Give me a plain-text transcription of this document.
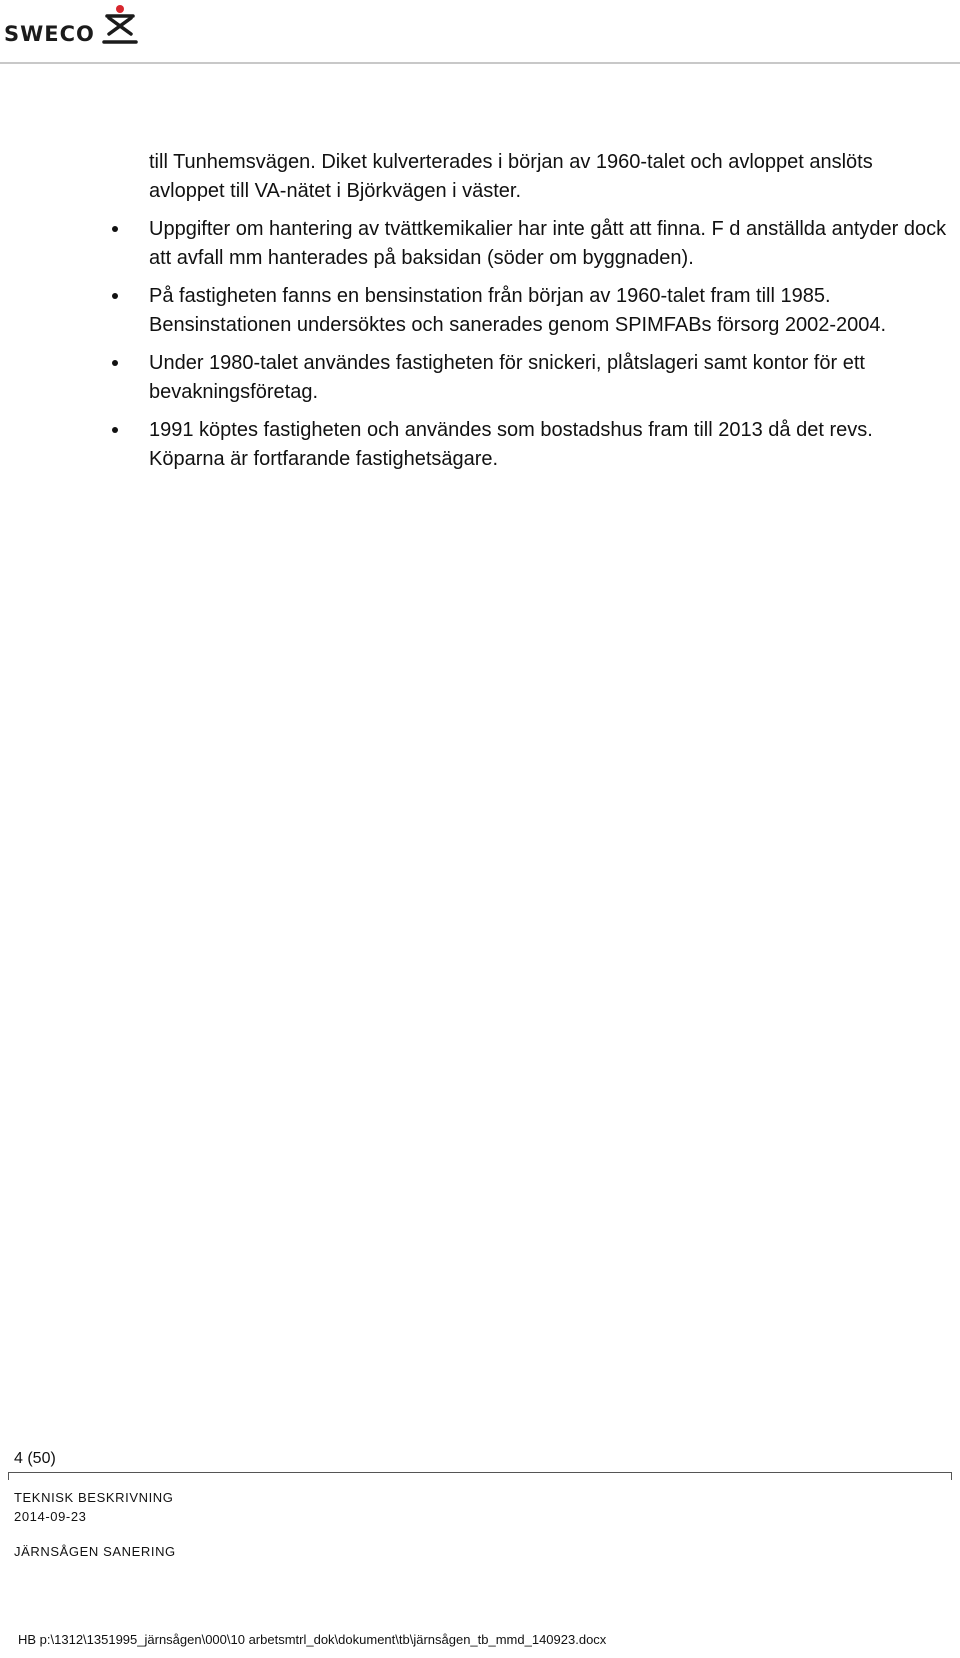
SWECO

till Tunhemsvägen. Diket kulverterades i början av 1960-talet och avloppet anslöts avloppet till VA-nätet i Björkvägen i väster.

Uppgifter om hantering av tvättkemikalier har inte gått att finna. F d anställda antyder dock att avfall mm hanterades på baksidan (söder om byggnaden).
På fastigheten fanns en bensinstation från början av 1960-talet fram till 1985. Bensinstationen undersöktes och sanerades genom SPIMFABs försorg 2002-2004.
Under 1980-talet användes fastigheten för snickeri, plåtslageri samt kontor för ett bevakningsföretag.
1991 köptes fastigheten och användes som bostadshus fram till 2013 då det revs. Köparna är fortfarande fastighetsägare.
4 (50)
TEKNISK BESKRIVNING
2014-09-23
JÄRNSÅGEN SANERING
HB p:\1312\1351995_järnsågen\000\10 arbetsmtrl_dok\dokument\tb\järnsågen_tb_mmd_140923.docx
